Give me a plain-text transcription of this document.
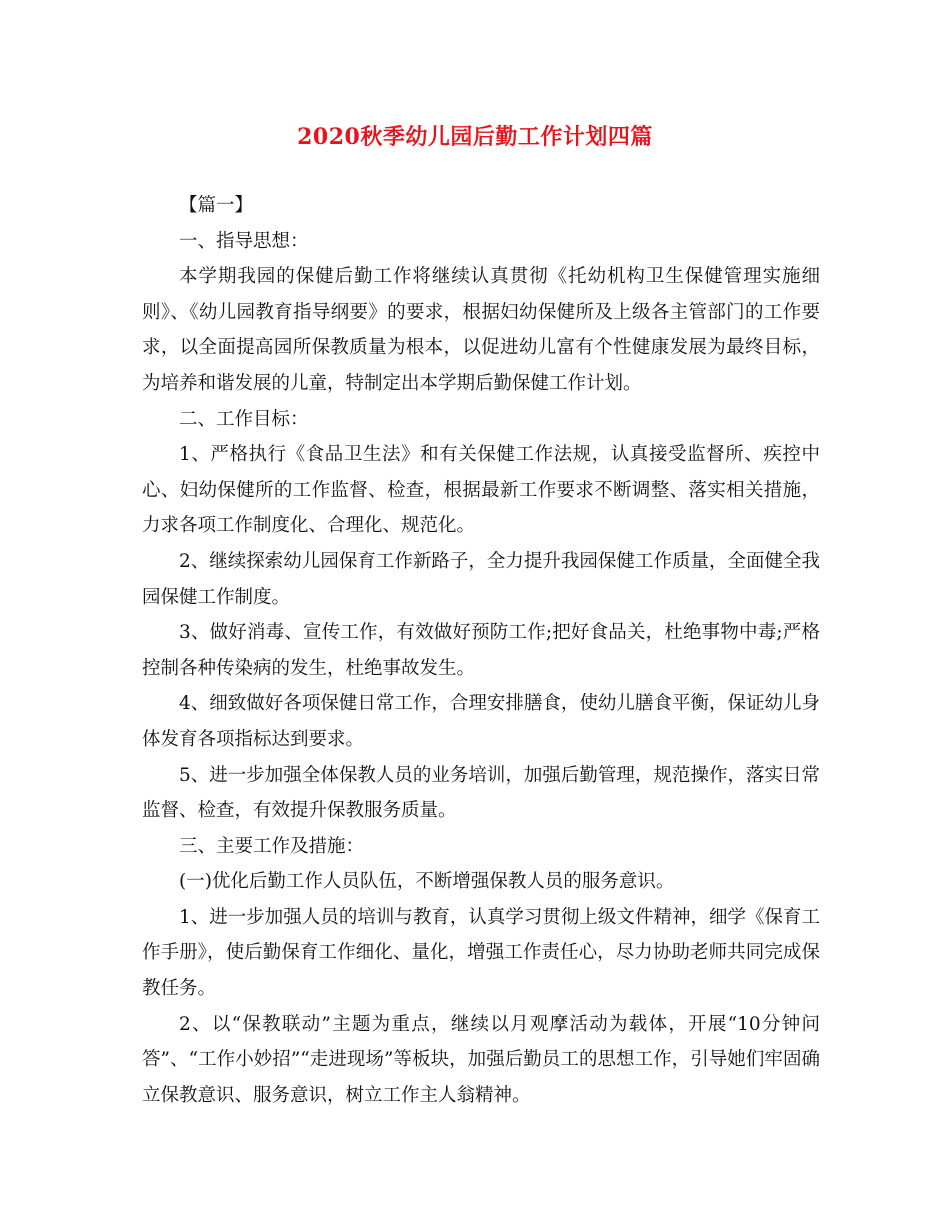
2020秋季幼儿园后勤工作计划四篇

【篇一】

一、指导思想：

本学期我园的保健后勤工作将继续认真贯彻《托幼机构卫生保健管理实施细则》、《幼儿园教育指导纲要》的要求，根据妇幼保健所及上级各主管部门的工作要求，以全面提高园所保教质量为根本，以促进幼儿富有个性健康发展为最终目标，为培养和谐发展的儿童，特制定出本学期后勤保健工作计划。

二、工作目标：

1、严格执行《食品卫生法》和有关保健工作法规，认真接受监督所、疾控中心、妇幼保健所的工作监督、检查，根据最新工作要求不断调整、落实相关措施，力求各项工作制度化、合理化、规范化。

2、继续探索幼儿园保育工作新路子，全力提升我园保健工作质量，全面健全我园保健工作制度。

3、做好消毒、宣传工作，有效做好预防工作;把好食品关，杜绝事物中毒;严格控制各种传染病的发生，杜绝事故发生。

4、细致做好各项保健日常工作，合理安排膳食，使幼儿膳食平衡，保证幼儿身体发育各项指标达到要求。

5、进一步加强全体保教人员的业务培训，加强后勤管理，规范操作，落实日常监督、检查，有效提升保教服务质量。

三、主要工作及措施：

(一)优化后勤工作人员队伍，不断增强保教人员的服务意识。

1、进一步加强人员的培训与教育，认真学习贯彻上级文件精神，细学《保育工作手册》，使后勤保育工作细化、量化，增强工作责任心，尽力协助老师共同完成保教任务。

2、以“保教联动”主题为重点，继续以月观摩活动为载体，开展“10分钟问答”、“工作小妙招”“走进现场”等板块，加强后勤员工的思想工作，引导她们牢固确立保教意识、服务意识，树立工作主人翁精神。
